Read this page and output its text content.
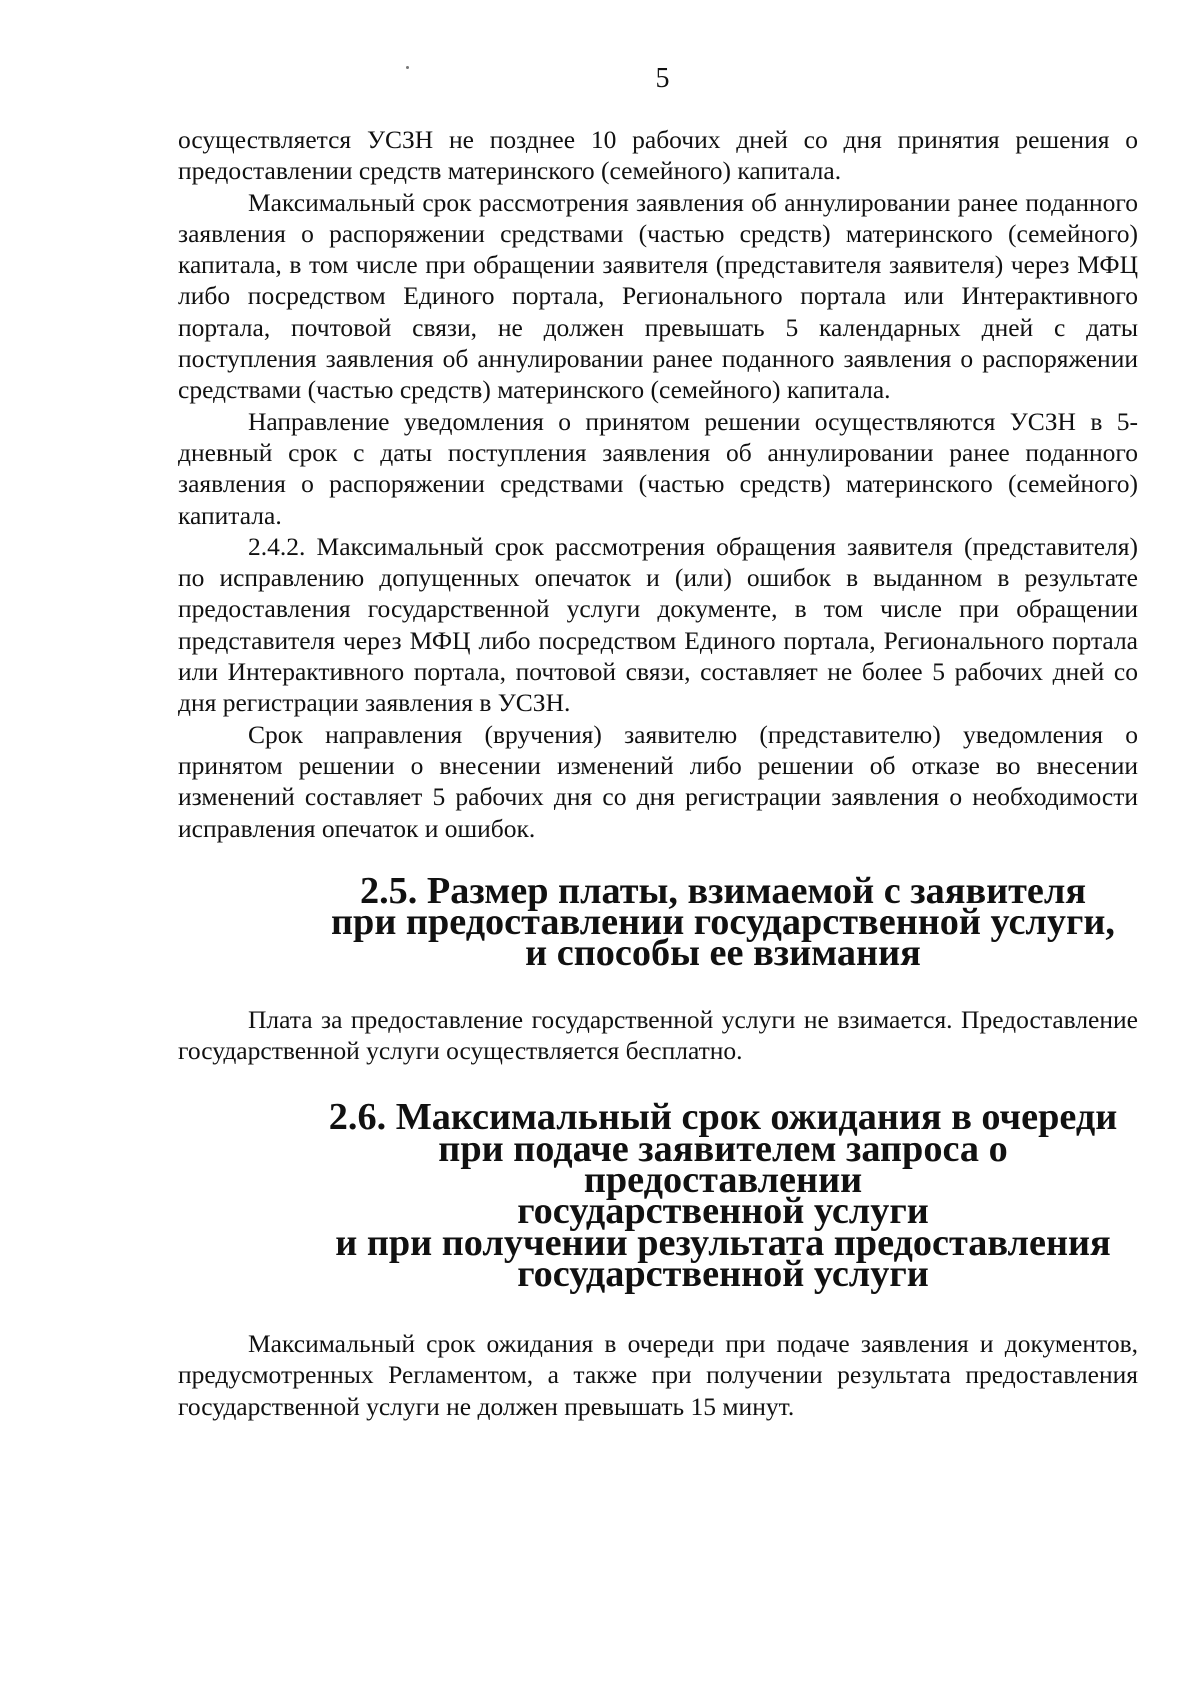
5

осуществляется УСЗН не позднее 10 рабочих дней со дня принятия решения о предоставлении средств материнского (семейного) капитала.

Максимальный срок рассмотрения заявления об аннулировании ранее поданного заявления о распоряжении средствами (частью средств) материнского (семейного) капитала, в том числе при обращении заявителя (представителя заявителя) через МФЦ либо посредством Единого портала, Регионального портала или Интерактивного портала, почтовой связи, не должен превышать 5 календарных дней с даты поступления заявления об аннулировании ранее поданного заявления о распоряжении средствами (частью средств) материнского (семейного) капитала.

Направление уведомления о принятом решении осуществляются УСЗН в 5-дневный срок с даты поступления заявления об аннулировании ранее поданного заявления о распоряжении средствами (частью средств) материнского (семейного) капитала.

2.4.2. Максимальный срок рассмотрения обращения заявителя (представителя) по исправлению допущенных опечаток и (или) ошибок в выданном в результате предоставления государственной услуги документе, в том числе при обращении представителя через МФЦ либо посредством Единого портала, Регионального портала или Интерактивного портала, почтовой связи, составляет не более 5 рабочих дней со дня регистрации заявления в УСЗН.

Срок направления (вручения) заявителю (представителю) уведомления о принятом решении о внесении изменений либо решении об отказе во внесении изменений составляет 5 рабочих дня со дня регистрации заявления о необходимости исправления опечаток и ошибок.

2.5. Размер платы, взимаемой с заявителя
при предоставлении государственной услуги,
и способы ее взимания

Плата за предоставление государственной услуги не взимается. Предоставление государственной услуги осуществляется бесплатно.

2.6. Максимальный срок ожидания в очереди
при подаче заявителем запроса о предоставлении
государственной услуги
и при получении результата предоставления
государственной услуги

Максимальный срок ожидания в очереди при подаче заявления и документов, предусмотренных Регламентом, а также при получении результата предоставления государственной услуги не должен превышать 15 минут.
